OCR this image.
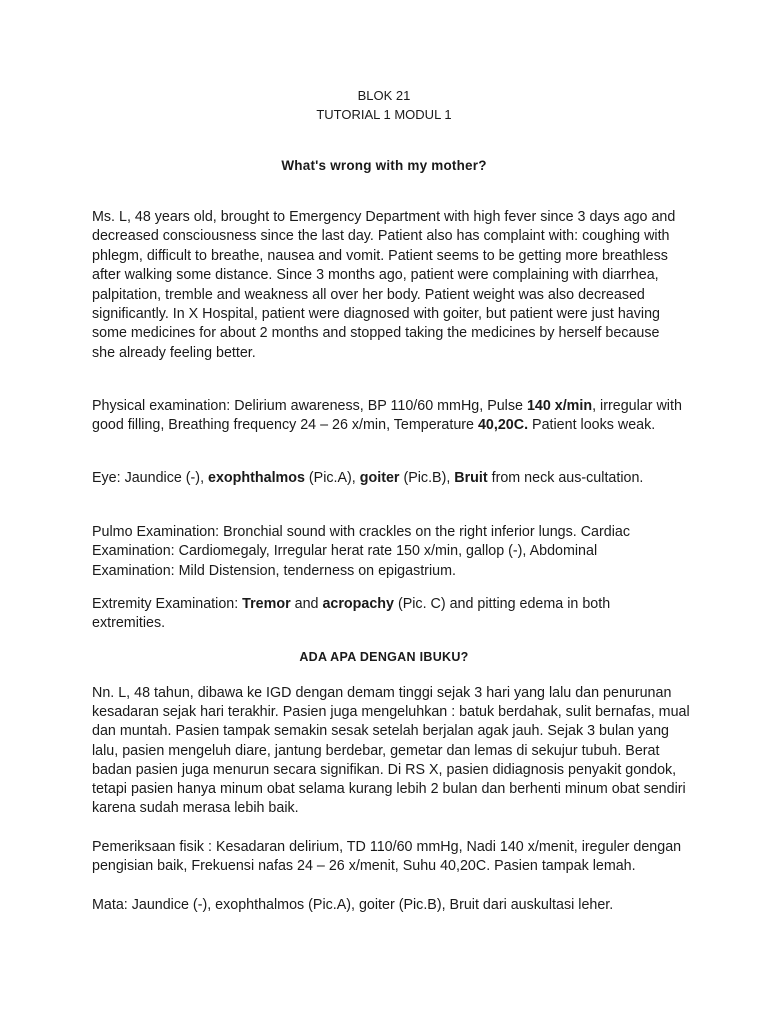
BLOK 21
TUTORIAL 1 MODUL 1
What's wrong with my mother?

Ms. L, 48 years old, brought to Emergency Department with high fever since 3 days ago and decreased consciousness since the last day. Patient also has complaint with: coughing with phlegm, difficult to breathe, nausea and vomit. Patient seems to be getting more breathless after walking some distance. Since 3 months ago, patient were complaining with diarrhea, palpitation, tremble and weakness all over her body. Patient weight was also decreased significantly. In X Hospital, patient were diagnosed with goiter, but patient were just having some medicines for about 2 months and stopped taking the medicines by herself because she already feeling better.

Physical examination: Delirium awareness, BP 110/60 mmHg, Pulse 140 x/min, irregular with good filling, Breathing frequency 24 – 26 x/min, Temperature 40,20C. Patient looks weak.

Eye: Jaundice (-), exophthalmos (Pic.A), goiter (Pic.B), Bruit from neck aus-cultation.

Pulmo Examination: Bronchial sound with crackles on the right inferior lungs. Cardiac Examination: Cardiomegaly, Irregular herat rate 150 x/min, gallop (-), Abdominal Examination: Mild Distension, tenderness on epigastrium.

Extremity Examination: Tremor and acropachy (Pic. C) and pitting edema in both extremities.

ADA APA DENGAN IBUKU?

Nn. L, 48 tahun, dibawa ke IGD dengan demam tinggi sejak 3 hari yang lalu dan penurunan kesadaran sejak hari terakhir. Pasien juga mengeluhkan : batuk berdahak, sulit bernafas, mual dan muntah. Pasien tampak semakin sesak setelah berjalan agak jauh. Sejak 3 bulan yang lalu, pasien mengeluh diare, jantung berdebar, gemetar dan lemas di sekujur tubuh. Berat badan pasien juga menurun secara signifikan. Di RS X, pasien didiagnosis penyakit gondok, tetapi pasien hanya minum obat selama kurang lebih 2 bulan dan berhenti minum obat sendiri karena sudah merasa lebih baik.

Pemeriksaan fisik : Kesadaran delirium, TD 110/60 mmHg, Nadi 140 x/menit, ireguler dengan pengisian baik, Frekuensi nafas 24 – 26 x/menit, Suhu 40,20C. Pasien tampak lemah.

Mata: Jaundice (-), exophthalmos (Pic.A), goiter (Pic.B), Bruit dari auskultasi leher.
